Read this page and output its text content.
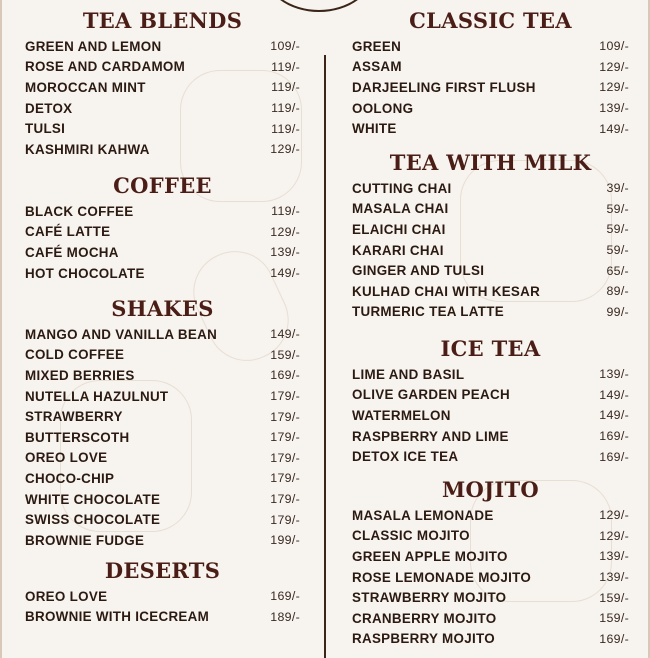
TEA BLENDS
GREEN AND LEMON	109/-
ROSE AND CARDAMOM	119/-
MOROCCAN MINT	119/-
DETOX	119/-
TULSI	119/-
KASHMIRI KAHWA	129/-
COFFEE
BLACK COFFEE	119/-
CAFÉ LATTE	129/-
CAFÉ MOCHA	139/-
HOT CHOCOLATE	149/-
SHAKES
MANGO AND VANILLA BEAN	149/-
COLD COFFEE	159/-
MIXED BERRIES	169/-
NUTELLA HAZULNUT	179/-
STRAWBERRY	179/-
BUTTERSCOTH	179/-
OREO LOVE	179/-
CHOCO-CHIP	179/-
WHITE CHOCOLATE	179/-
SWISS CHOCOLATE	179/-
BROWNIE FUDGE	199/-
DESERTS
OREO LOVE	169/-
BROWNIE WITH ICECREAM	189/-
CLASSIC TEA
GREEN	109/-
ASSAM	129/-
DARJEELING FIRST FLUSH	129/-
OOLONG	139/-
WHITE	149/-
TEA WITH MILK
CUTTING CHAI	39/-
MASALA CHAI	59/-
ELAICHI CHAI	59/-
KARARI CHAI	59/-
GINGER AND TULSI	65/-
KULHAD CHAI WITH KESAR	89/-
TURMERIC TEA LATTE	99/-
ICE TEA
LIME AND BASIL	139/-
OLIVE GARDEN PEACH	149/-
WATERMELON	149/-
RASPBERRY AND LIME	169/-
DETOX ICE TEA	169/-
MOJITO
MASALA LEMONADE	129/-
CLASSIC MOJITO	129/-
GREEN APPLE MOJITO	139/-
ROSE LEMONADE MOJITO	139/-
STRAWBERRY MOJITO	159/-
CRANBERRY MOJITO	159/-
RASPBERRY MOJITO	169/-
